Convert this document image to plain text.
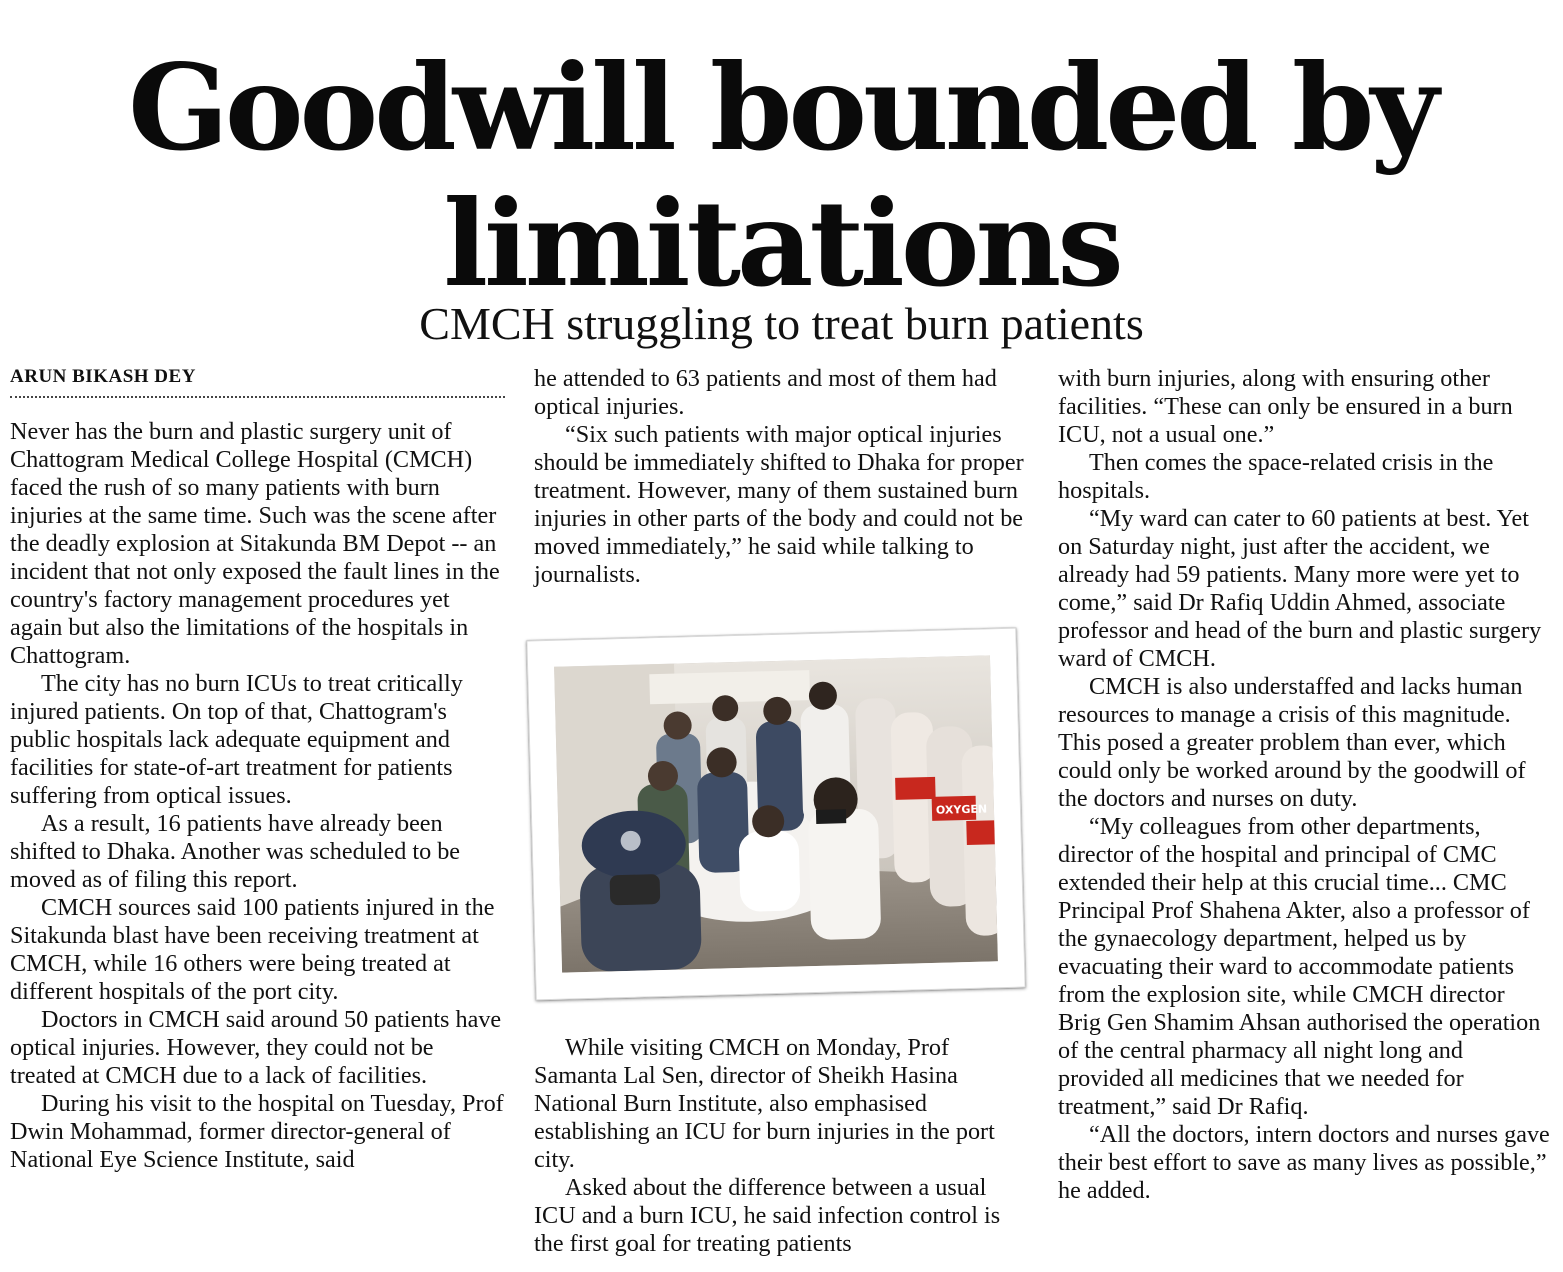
Goodwill bounded by limitations
CMCH struggling to treat burn patients
ARUN BIKASH DEY

Never has the burn and plastic surgery unit of Chattogram Medical College Hospital (CMCH) faced the rush of so many patients with burn injuries at the same time. Such was the scene after the deadly explosion at Sitakunda BM Depot -- an incident that not only exposed the fault lines in the country's factory management procedures yet again but also the limitations of the hospitals in Chattogram.

The city has no burn ICUs to treat critically injured patients. On top of that, Chattogram's public hospitals lack adequate equipment and facilities for state-of-art treatment for patients suffering from optical issues.

As a result, 16 patients have already been shifted to Dhaka. Another was scheduled to be moved as of filing this report.

CMCH sources said 100 patients injured in the Sitakunda blast have been receiving treatment at CMCH, while 16 others were being treated at different hospitals of the port city.

Doctors in CMCH said around 50 patients have optical injuries. However, they could not be treated at CMCH due to a lack of facilities.

During his visit to the hospital on Tuesday, Prof Dwin Mohammad, former director-general of National Eye Science Institute, said

he attended to 63 patients and most of them had optical injuries.

“Six such patients with major optical injuries should be immediately shifted to Dhaka for proper treatment. However, many of them sustained burn injuries in other parts of the body and could not be moved immediately,” he said while talking to journalists.

OXYGEN

While visiting CMCH on Monday, Prof Samanta Lal Sen, director of Sheikh Hasina National Burn Institute, also emphasised establishing an ICU for burn injuries in the port city.

Asked about the difference between a usual ICU and a burn ICU, he said infection control is the first goal for treating patients

with burn injuries, along with ensuring other facilities. “These can only be ensured in a burn ICU, not a usual one.”

Then comes the space-related crisis in the hospitals.

“My ward can cater to 60 patients at best. Yet on Saturday night, just after the accident, we already had 59 patients. Many more were yet to come,” said Dr Rafiq Uddin Ahmed, associate professor and head of the burn and plastic surgery ward of CMCH.

CMCH is also understaffed and lacks human resources to manage a crisis of this magnitude. This posed a greater problem than ever, which could only be worked around by the goodwill of the doctors and nurses on duty.

“My colleagues from other departments, director of the hospital and principal of CMC extended their help at this crucial time... CMC Principal Prof Shahena Akter, also a professor of the gynaecology department, helped us by evacuating their ward to accommodate patients from the explosion site, while CMCH director Brig Gen Shamim Ahsan authorised the operation of the central pharmacy all night long and provided all medicines that we needed for treatment,” said Dr Rafiq.

“All the doctors, intern doctors and nurses gave their best effort to save as many lives as possible,” he added.
